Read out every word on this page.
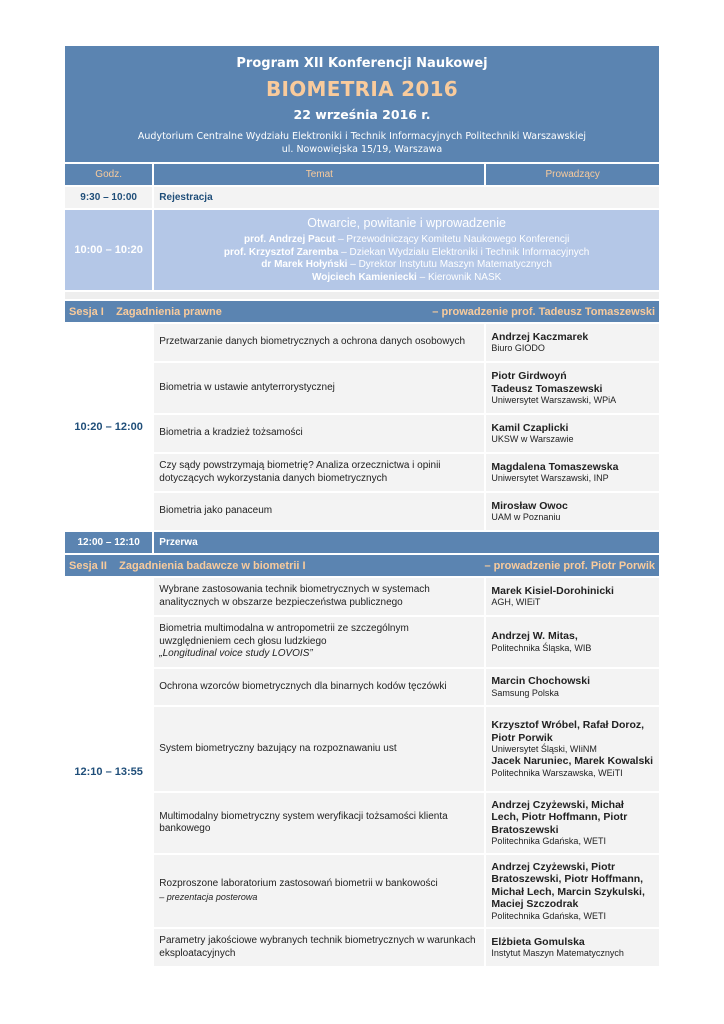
Program XII Konferencji Naukowej
BIOMETRIA 2016
22 września 2016 r.
Audytorium Centralne Wydziału Elektroniki i Technik Informacyjnych Politechniki Warszawskiej
ul. Nowowiejska 15/19, Warszawa
Godz.	Temat	Prowadzący
9:30 – 10:00	Rejestracja	
10:00 – 10:20	Otwarcie, powitanie i wprowadzenie
prof. Andrzej Pacut – Przewodniczący Komitetu Naukowego Konferencji
prof. Krzysztof Zaremba – Dziekan Wydziału Elektroniki i Technik Informacyjnych
dr Marek Hołyński – Dyrektor Instytutu Maszyn Matematycznych
Wojciech Kamieniecki – Kierownik NASK	

Sesja I    Zagadnienia prawne – prowadzenie prof. Tadeusz Tomaszewski		

10:20 – 12:00	Przetwarzanie danych biometrycznych a ochrona danych osobowych	Andrzej Kaczmarek
Biuro GIODO

	Biometria w ustawie antyterrorystycznej	Piotr Girdwoyń
Tadeusz Tomaszewski
Uniwersytet Warszawski, WPiA

	Biometria a kradzież tożsamości	Kamil Czaplicki
UKSW w Warszawie

	Czy sądy powstrzymają biometrię? Analiza orzecznictwa i opinii dotyczących wykorzystania danych biometrycznych	Magdalena Tomaszewska
Uniwersytet Warszawski, INP

	Biometria jako panaceum	Mirosław Owoc
UAM w Poznaniu

12:00 – 12:10	Przerwa	
Sesja II    Zagadnienia badawcze w biometrii I – prowadzenie prof. Piotr Porwik		

12:10 – 13:55	Wybrane zastosowania technik biometrycznych w systemach analitycznych w obszarze bezpieczeństwa publicznego	Marek Kisiel-Dorohinicki
AGH, WIEiT

	Biometria multimodalna w antropometrii ze szczególnym uwzględnieniem cech głosu ludzkiego
„Longitudinal voice study LOVOIS”	Andrzej W. Mitas,
Politechnika Śląska, WIB

	Ochrona wzorców biometrycznych dla binarnych kodów tęczówki	Marcin Chochowski
Samsung Polska

	System biometryczny bazujący na rozpoznawaniu ust	Krzysztof Wróbel, Rafał Doroz, Piotr Porwik
Uniwersytet Śląski, WIiNM
Jacek Naruniec, Marek Kowalski
Politechnika Warszawska, WEiTI

	Multimodalny biometryczny system weryfikacji tożsamości klienta bankowego	Andrzej Czyżewski, Michał Lech, Piotr Hoffmann, Piotr Bratoszewski
Politechnika Gdańska, WETI

	Rozproszone laboratorium zastosowań biometrii w bankowości
– prezentacja posterowa	Andrzej Czyżewski, Piotr Bratoszewski, Piotr Hoffmann, Michał Lech, Marcin Szykulski, Maciej Szczodrak
Politechnika Gdańska, WETI

	Parametry jakościowe wybranych technik biometrycznych w warunkach eksploatacyjnych	Elżbieta Gomulska
Instytut Maszyn Matematycznych
